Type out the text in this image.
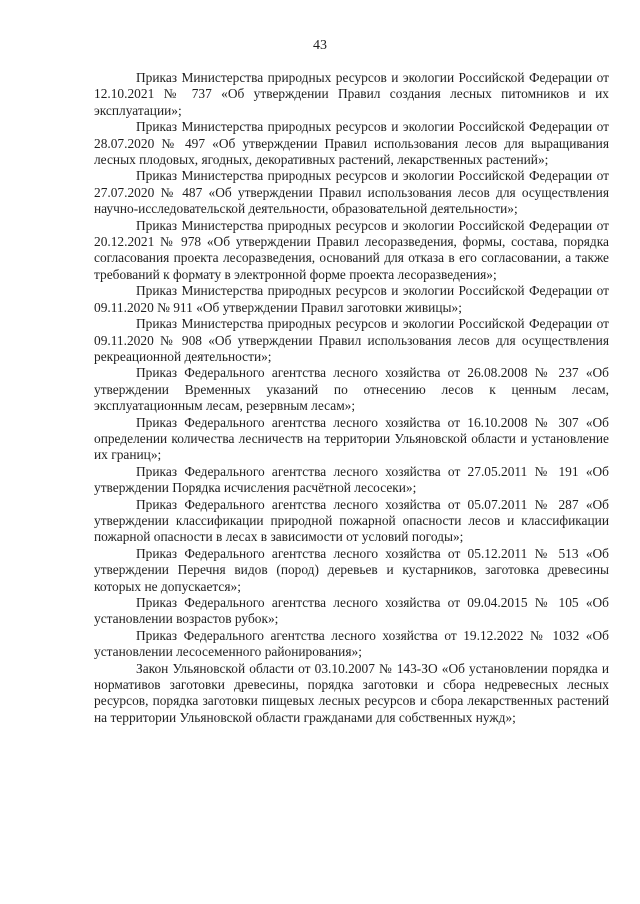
43

Приказ Министерства природных ресурсов и экологии Российской Федерации от 12.10.2021 № 737 «Об утверждении Правил создания лесных питомников и их эксплуатации»;

Приказ Министерства природных ресурсов и экологии Российской Федерации от 28.07.2020 № 497 «Об утверждении Правил использования лесов для выращивания лесных плодовых, ягодных, декоративных растений, лекарственных растений»;

Приказ Министерства природных ресурсов и экологии Российской Федерации от 27.07.2020 № 487 «Об утверждении Правил использования лесов для осуществления научно-исследовательской деятельности, образовательной деятельности»;

Приказ Министерства природных ресурсов и экологии Российской Федерации от 20.12.2021 № 978 «Об утверждении Правил лесоразведения, формы, состава, порядка согласования проекта лесоразведения, оснований для отказа в его согласовании, а также требований к формату в электронной форме проекта лесоразведения»;

Приказ Министерства природных ресурсов и экологии Российской Федерации от 09.11.2020 № 911 «Об утверждении Правил заготовки живицы»;

Приказ Министерства природных ресурсов и экологии Российской Федерации от 09.11.2020 № 908 «Об утверждении Правил использования лесов для осуществления рекреационной деятельности»;

Приказ Федерального агентства лесного хозяйства от 26.08.2008 № 237 «Об утверждении Временных указаний по отнесению лесов к ценным лесам, эксплуатационным лесам, резервным лесам»;

Приказ Федерального агентства лесного хозяйства от 16.10.2008 № 307 «Об определении количества лесничеств на территории Ульяновской области и установление их границ»;

Приказ Федерального агентства лесного хозяйства от 27.05.2011 № 191 «Об утверждении Порядка исчисления расчётной лесосеки»;

Приказ Федерального агентства лесного хозяйства от 05.07.2011 № 287 «Об утверждении классификации природной пожарной опасности лесов и классификации пожарной опасности в лесах в зависимости от условий погоды»;

Приказ Федерального агентства лесного хозяйства от 05.12.2011 № 513 «Об утверждении Перечня видов (пород) деревьев и кустарников, заготовка древесины которых не допускается»;

Приказ Федерального агентства лесного хозяйства от 09.04.2015 № 105 «Об установлении возрастов рубок»;

Приказ Федерального агентства лесного хозяйства от 19.12.2022 № 1032 «Об установлении лесосеменного районирования»;

Закон Ульяновской области от 03.10.2007 № 143-ЗО «Об установлении порядка и нормативов заготовки древесины, порядка заготовки и сбора недревесных лесных ресурсов, порядка заготовки пищевых лесных ресурсов и сбора лекарственных растений на территории Ульяновской области гражданами для собственных нужд»;
